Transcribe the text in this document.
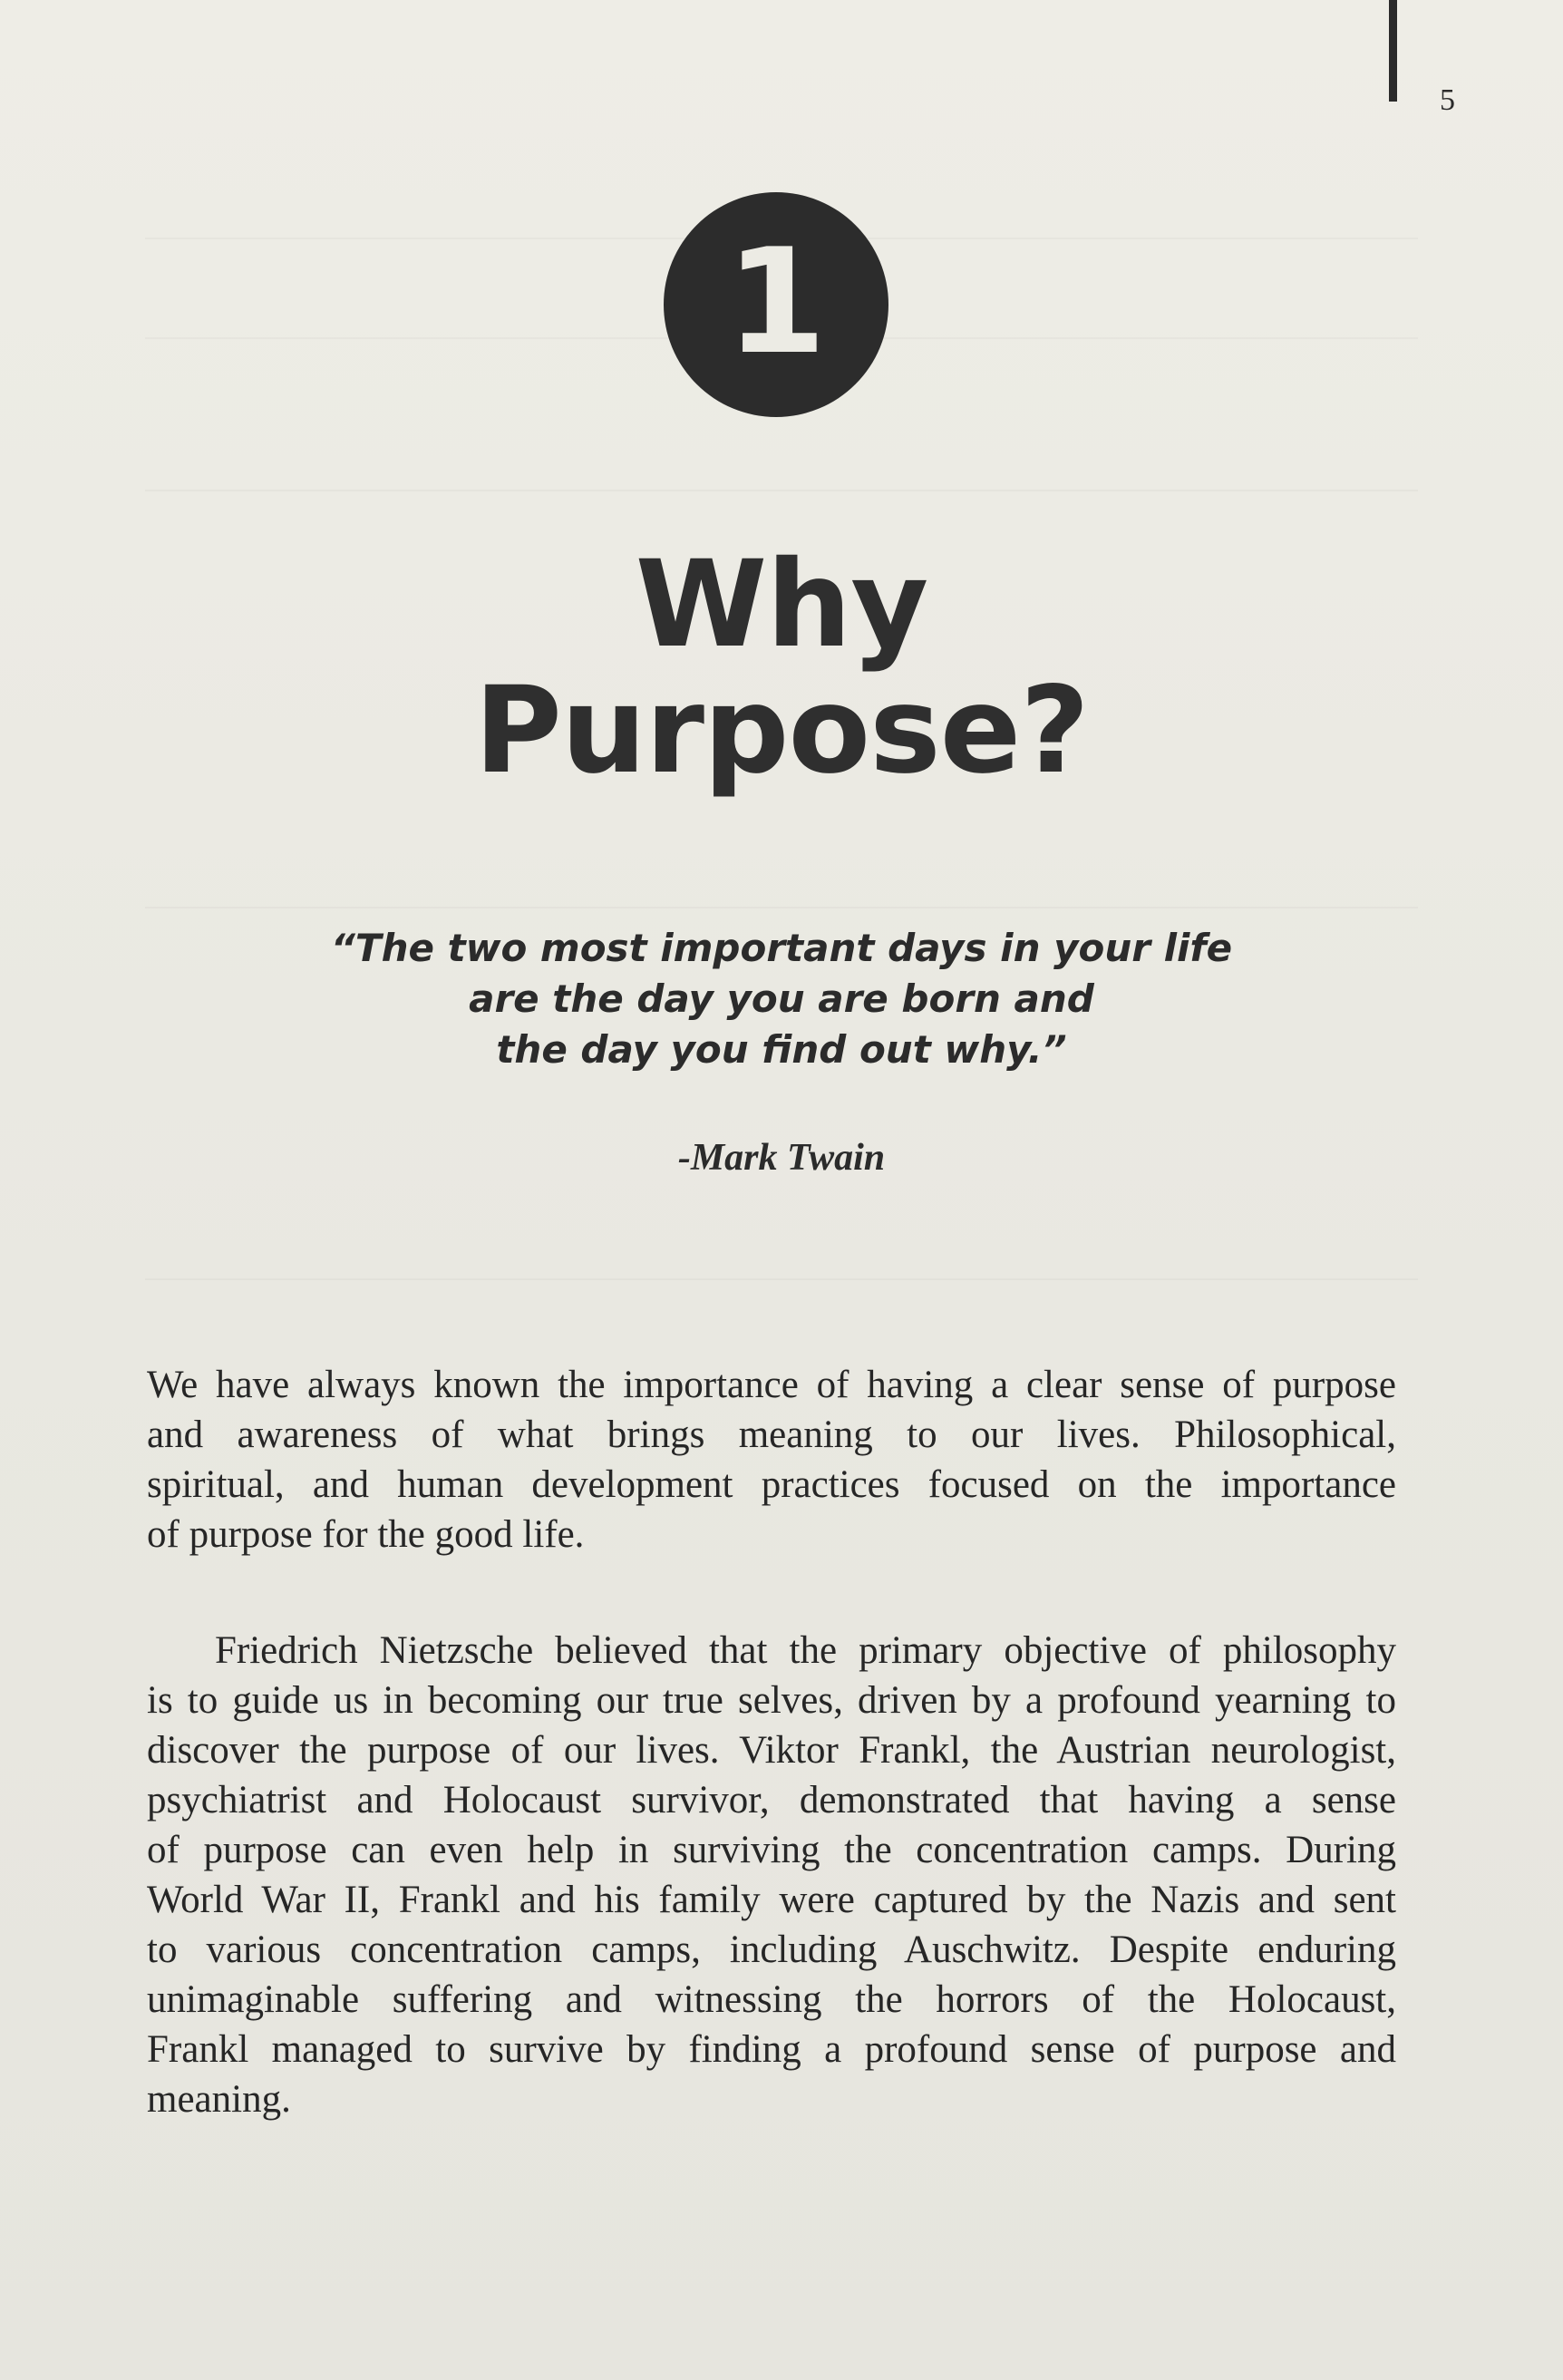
5
1
Why
Purpose?
“The two most important days in your life
are the day you are born and
the day you find out why.”
-Mark Twain
We have always known the importance of having a clear sense of purpose
and awareness of what brings meaning to our lives. Philosophical,
spiritual, and human development practices focused on the importance
of purpose for the good life.
Friedrich Nietzsche believed that the primary objective of philosophy
is to guide us in becoming our true selves, driven by a profound yearning to
discover the purpose of our lives. Viktor Frankl, the Austrian neurologist,
psychiatrist and Holocaust survivor, demonstrated that having a sense
of purpose can even help in surviving the concentration camps. During
World War II, Frankl and his family were captured by the Nazis and sent
to various concentration camps, including Auschwitz. Despite enduring
unimaginable suffering and witnessing the horrors of the Holocaust,
Frankl managed to survive by finding a profound sense of purpose and
meaning.
